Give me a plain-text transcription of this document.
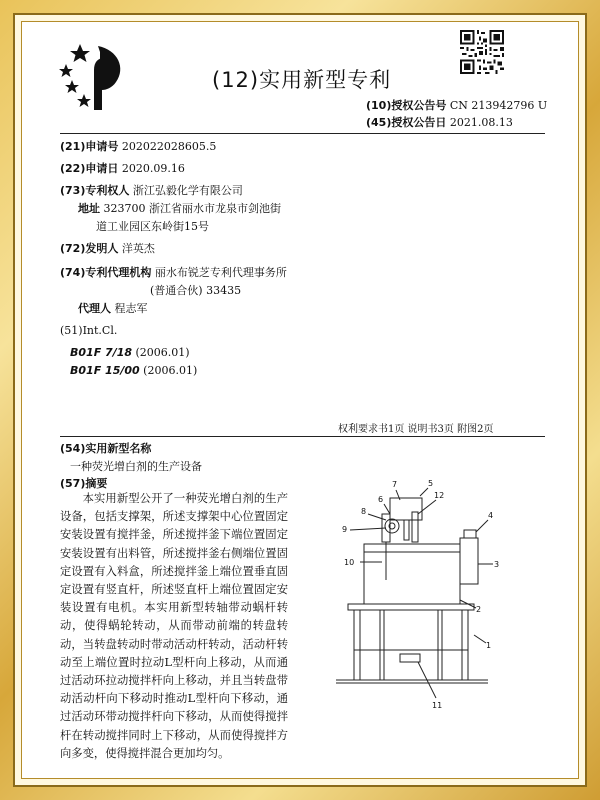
(12)实用新型专利
(10)授权公告号 CN 213942796 U
(45)授权公告日 2021.08.13
(21)申请号 202022028605.5
(22)申请日 2020.09.16
(73)专利权人 浙江弘毅化学有限公司
地址 323700 浙江省丽水市龙泉市剑池街
道工业园区东岭街15号
(72)发明人 洋英杰
(74)专利代理机构 丽水布锐芝专利代理事务所
(普通合伙) 33435
代理人 程志军
(51)Int.Cl.
B01F 7/18 (2006.01)
B01F 15/00 (2006.01)
权利要求书1页 说明书3页 附图2页
(54)实用新型名称
一种荧光增白剂的生产设备
(57)摘要
本实用新型公开了一种荧光增白剂的生产设备，包括支撑架，所述支撑架中心位置固定安装设置有搅拌釜，所述搅拌釜下端位置固定安装设置有出料管，所述搅拌釜右侧端位置固定设置有入料盒，所述搅拌釜上端位置垂直固定设置有竖直杆，所述竖直杆上端位置固定安装设置有电机。本实用新型转轴带动蜗杆转动，使得蜗轮转动，从而带动前端的转盘转动，当转盘转动时带动活动杆转动，活动杆转动至上端位置时拉动L型杆向上移动，从而通过活动环拉动搅拌杆向上移动，并且当转盘带动活动杆向下移动时推动L型杆向下移动，通过活动环带动搅拌杆向下移动，从而使得搅拌杆在转动搅拌同时上下移动，从而使得搅拌方向多变，使得搅拌混合更加均匀。
5
7
12
6
8
9
10
4
3
2
1
11
